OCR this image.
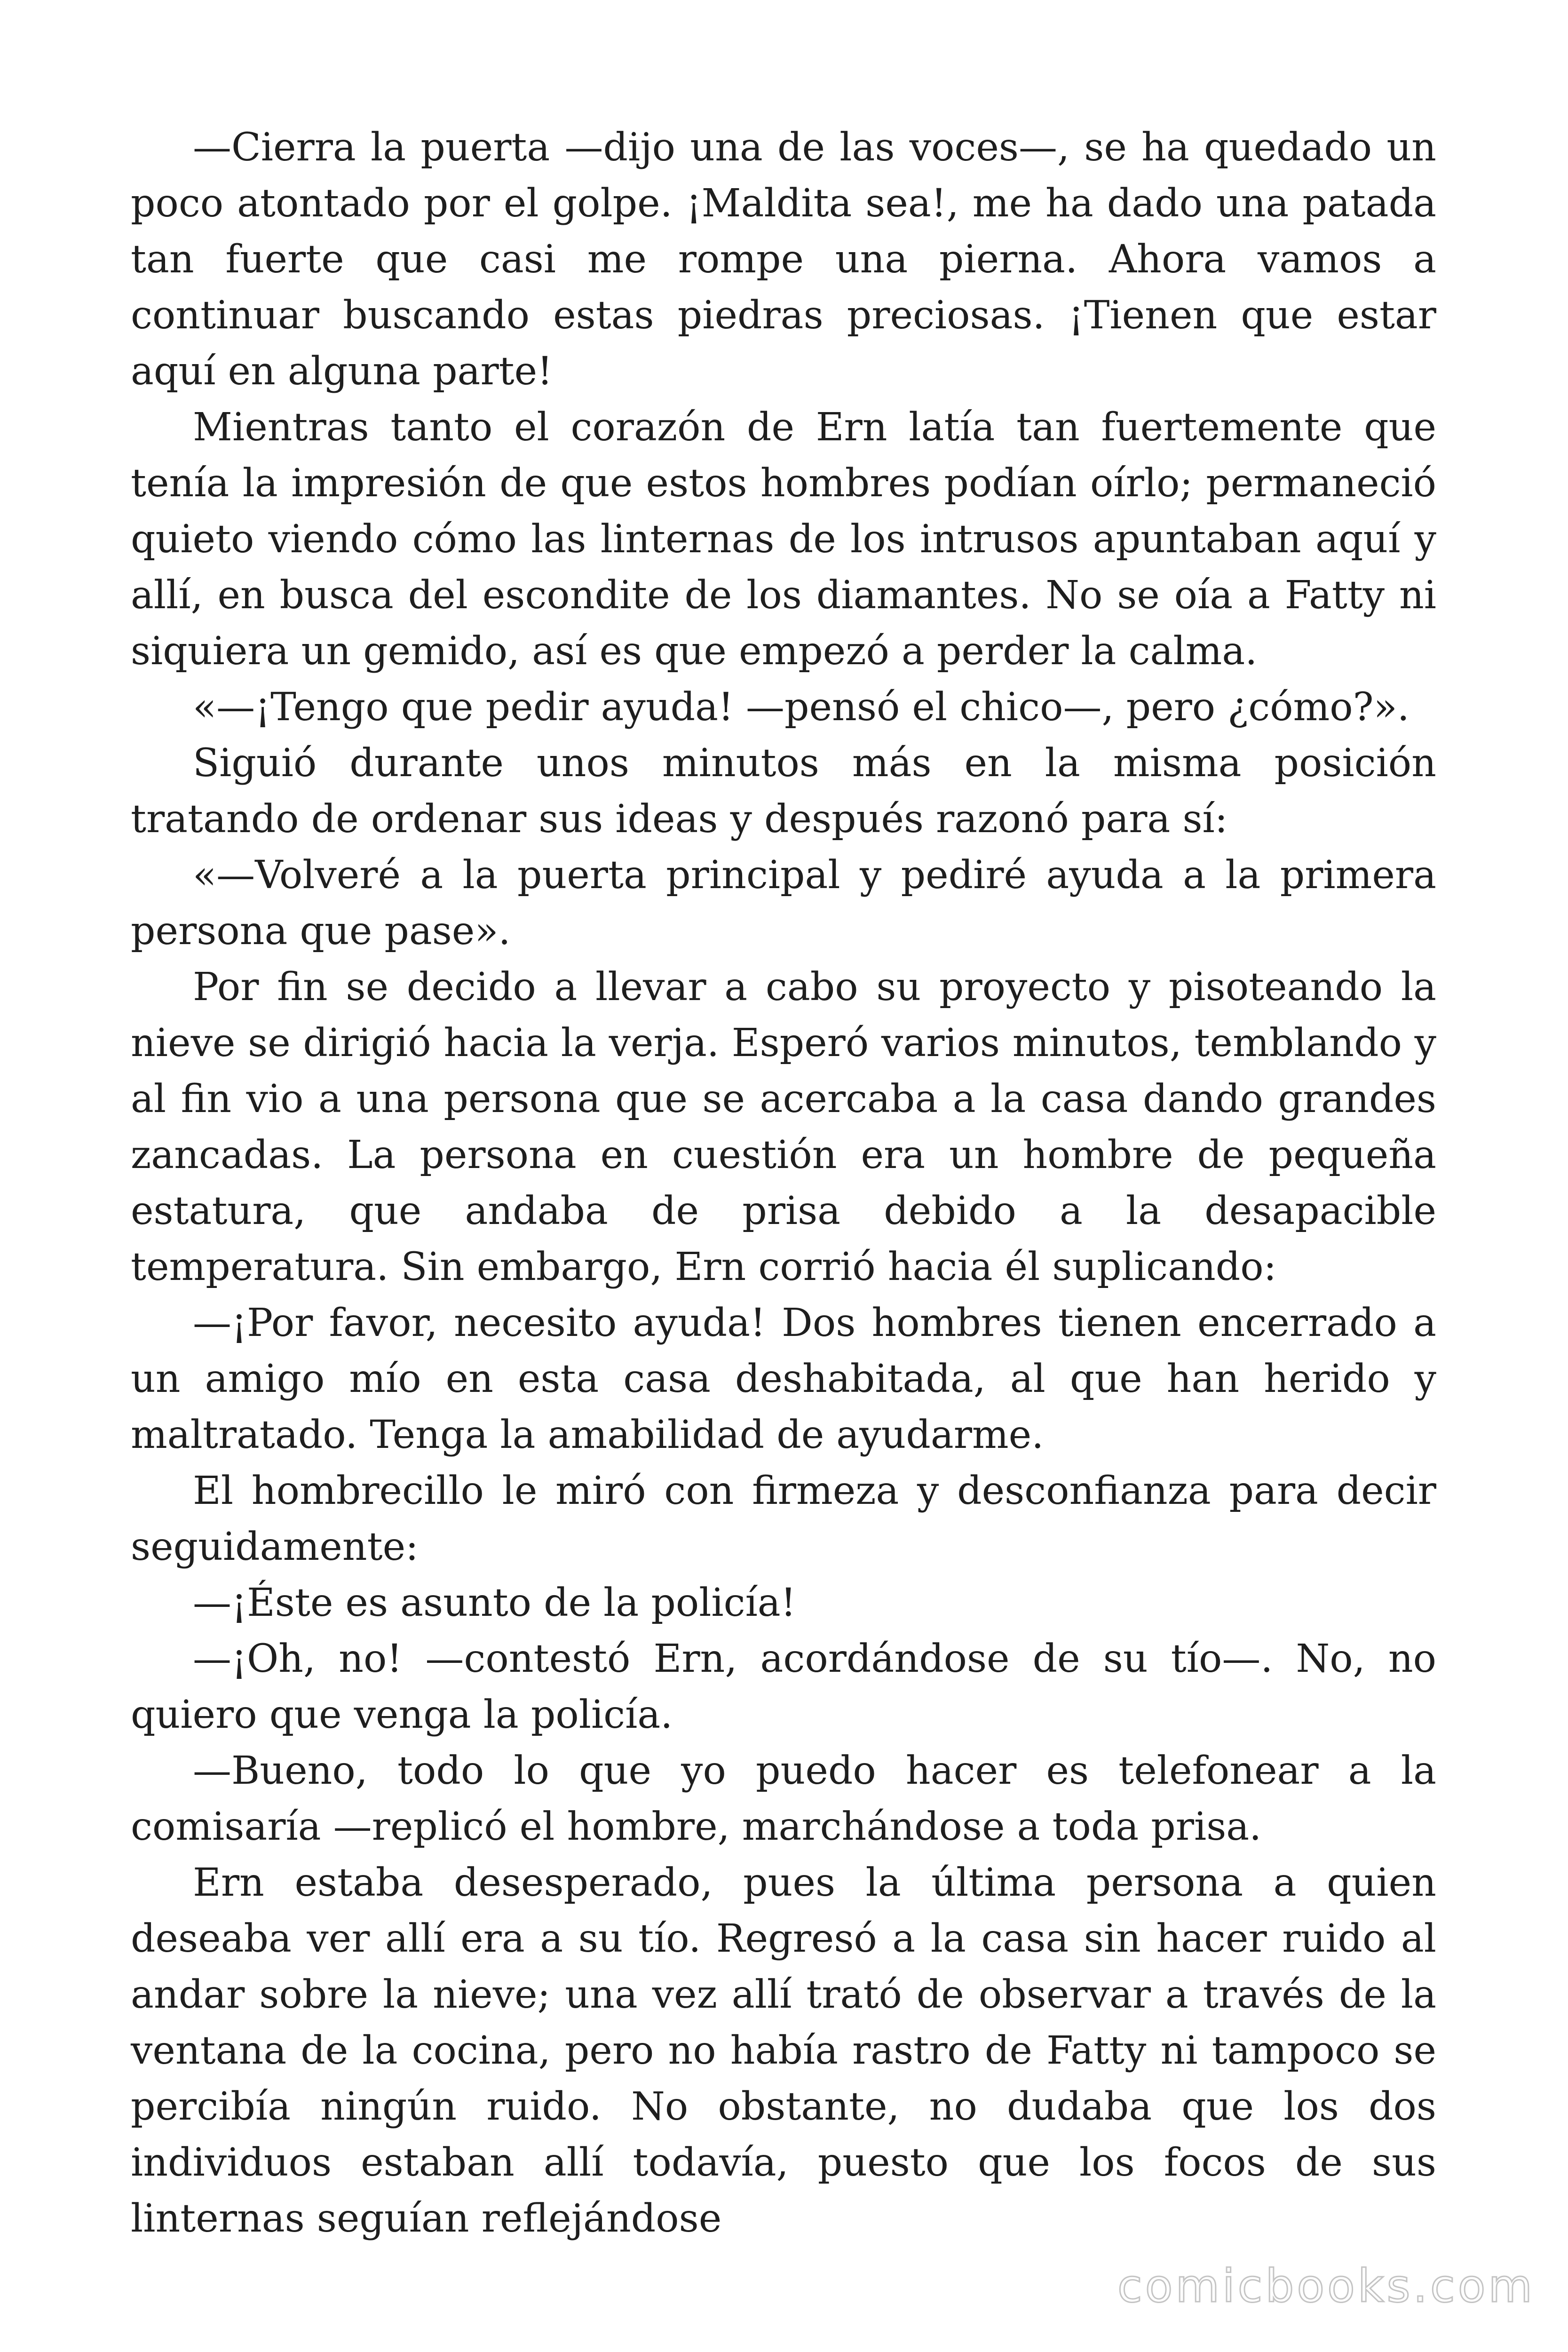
—Cierra la puerta —dijo una de las voces—, se ha quedado un poco atontado por el golpe. ¡Maldita sea!, me ha dado una patada tan fuerte que casi me rompe una pierna. Ahora vamos a continuar buscando estas piedras preciosas. ¡Tienen que estar aquí en alguna parte!

Mientras tanto el corazón de Ern latía tan fuertemente que tenía la impresión de que estos hombres podían oírlo; permaneció quieto viendo cómo las linternas de los intrusos apuntaban aquí y allí, en busca del escondite de los diamantes. No se oía a Fatty ni siquiera un gemido, así es que empezó a perder la calma.

«—¡Tengo que pedir ayuda! —pensó el chico—, pero ¿cómo?».

Siguió durante unos minutos más en la misma posición tratando de ordenar sus ideas y después razonó para sí:

«—Volveré a la puerta principal y pediré ayuda a la primera persona que pase».

Por fin se decido a llevar a cabo su proyecto y pisoteando la nieve se dirigió hacia la verja. Esperó varios minutos, temblando y al fin vio a una persona que se acercaba a la casa dando grandes zancadas. La persona en cuestión era un hombre de pequeña estatura, que andaba de prisa debido a la desapacible temperatura. Sin embargo, Ern corrió hacia él suplicando:

—¡Por favor, necesito ayuda! Dos hombres tienen encerrado a un amigo mío en esta casa deshabitada, al que han herido y maltratado. Tenga la amabilidad de ayudarme.

El hombrecillo le miró con firmeza y desconfianza para decir seguidamente:

—¡Éste es asunto de la policía!

—¡Oh, no! —contestó Ern, acordándose de su tío—. No, no quiero que venga la policía.

—Bueno, todo lo que yo puedo hacer es telefonear a la comisaría —replicó el hombre, marchándose a toda prisa.

Ern estaba desesperado, pues la última persona a quien deseaba ver allí era a su tío. Regresó a la casa sin hacer ruido al andar sobre la nieve; una vez allí trató de observar a través de la ventana de la cocina, pero no había rastro de Fatty ni tampoco se percibía ningún ruido. No obstante, no dudaba que los dos individuos estaban allí todavía, puesto que los focos de sus linternas seguían reflejándose

comicbooks.com
